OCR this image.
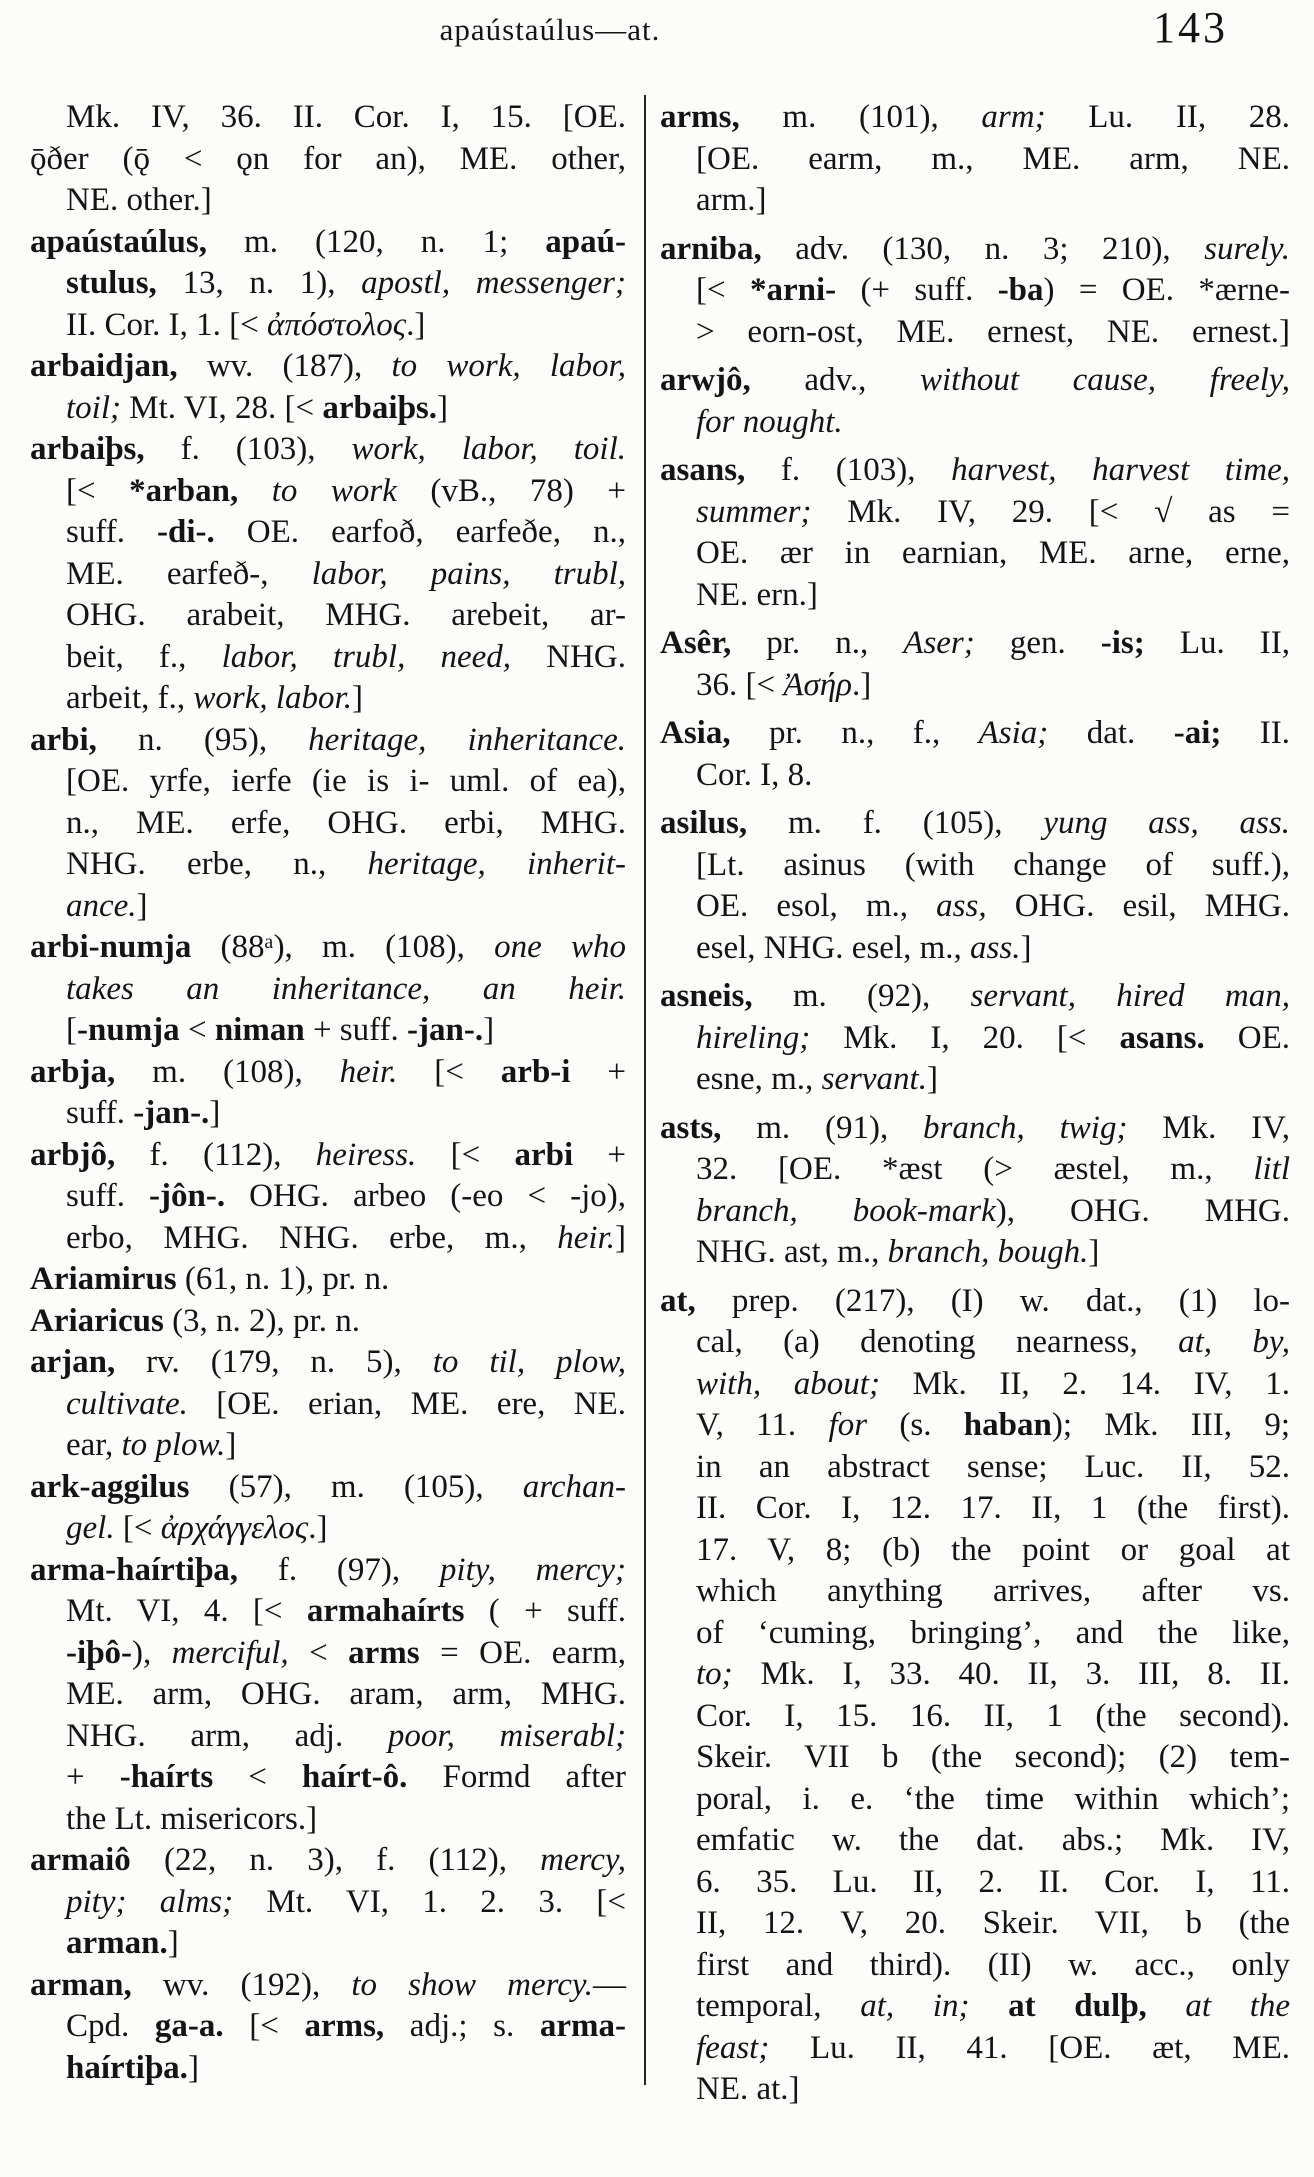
apaústaúlus—at.	143
Mk. IV, 36. II. Cor. I, 15. [OE.
ǭðer (ǭ < ǫn for an), ME. other,
NE. other.]
apaústaúlus, m. (120, n. 1; apaú-
stulus, 13, n. 1), apostl, messenger;
II. Cor. I, 1. [< ἀπόστολος.]
arbaidjan, wv. (187), to work, labor,
toil; Mt. VI, 28. [< arbaiþs.]
arbaiþs, f. (103), work, labor, toil.
[< *arban, to work (vB., 78) +
suff. -di-. OE. earfoð, earfeðe, n.,
ME. earfeð-, labor, pains, trubl,
OHG. arabeit, MHG. arebeit, ar-
beit, f., labor, trubl, need, NHG.
arbeit, f., work, labor.]
arbi, n. (95), heritage, inheritance.
[OE. yrfe, ierfe (ie is i- uml. of ea),
n., ME. erfe, OHG. erbi, MHG.
NHG. erbe, n., heritage, inherit-
ance.]
arbi-numja (88ᵃ), m. (108), one who
takes an inheritance, an heir.
[-numja < niman + suff. -jan-.]
arbja, m. (108), heir. [< arb-i +
suff. -jan-.]
arbjô, f. (112), heiress. [< arbi +
suff. -jôn-. OHG. arbeo (-eo < -jo),
erbo, MHG. NHG. erbe, m., heir.]
Ariamirus (61, n. 1), pr. n.
Ariaricus (3, n. 2), pr. n.
arjan, rv. (179, n. 5), to til, plow,
cultivate. [OE. erian, ME. ere, NE.
ear, to plow.]
ark-aggilus (57), m. (105), archan-
gel. [< ἀρχάγγελος.]
arma-haírtiþa, f. (97), pity, mercy;
Mt. VI, 4. [< armahaírts ( + suff.
-iþô-), merciful, < arms = OE. earm,
ME. arm, OHG. aram, arm, MHG.
NHG. arm, adj. poor, miserabl;
+ -haírts < haírt-ô. Formd after
the Lt. misericors.]
armaiô (22, n. 3), f. (112), mercy,
pity; alms; Mt. VI, 1. 2. 3. [<
arman.]
arman, wv. (192), to show mercy.—
Cpd. ga-a. [< arms, adj.; s. arma-
haírtiþa.]
arms, m. (101), arm; Lu. II, 28.
[OE. earm, m., ME. arm, NE.
arm.]
arniba, adv. (130, n. 3; 210), surely.
[< *arni- (+ suff. -ba) = OE. *ærne-
> eorn-ost, ME. ernest, NE. ernest.]
arwjô, adv., without cause, freely,
for nought.
asans, f. (103), harvest, harvest time,
summer; Mk. IV, 29. [< √ as =
OE. ær in earnian, ME. arne, erne,
NE. ern.]
Asêr, pr. n., Aser; gen. -is; Lu. II,
36. [< Ἀσήρ.]
Asia, pr. n., f., Asia; dat. -ai; II.
Cor. I, 8.
asilus, m. f. (105), yung ass, ass.
[Lt. asinus (with change of suff.),
OE. esol, m., ass, OHG. esil, MHG.
esel, NHG. esel, m., ass.]
asneis, m. (92), servant, hired man,
hireling; Mk. I, 20. [< asans. OE.
esne, m., servant.]
asts, m. (91), branch, twig; Mk. IV,
32. [OE. *æst (> æstel, m., litl
branch, book-mark), OHG. MHG.
NHG. ast, m., branch, bough.]
at, prep. (217), (I) w. dat., (1) lo-
cal, (a) denoting nearness, at, by,
with, about; Mk. II, 2. 14. IV, 1.
V, 11. for (s. haban); Mk. III, 9;
in an abstract sense; Luc. II, 52.
II. Cor. I, 12. 17. II, 1 (the first).
17. V, 8; (b) the point or goal at
which anything arrives, after vs.
of ‘cuming, bringing’, and the like,
to; Mk. I, 33. 40. II, 3. III, 8. II.
Cor. I, 15. 16. II, 1 (the second).
Skeir. VII b (the second); (2) tem-
poral, i. e. ‘the time within which’;
emfatic w. the dat. abs.; Mk. IV,
6. 35. Lu. II, 2. II. Cor. I, 11.
II, 12. V, 20. Skeir. VII, b (the
first and third). (II) w. acc., only
temporal, at, in; at dulþ, at the
feast; Lu. II, 41. [OE. æt, ME.
NE. at.]
